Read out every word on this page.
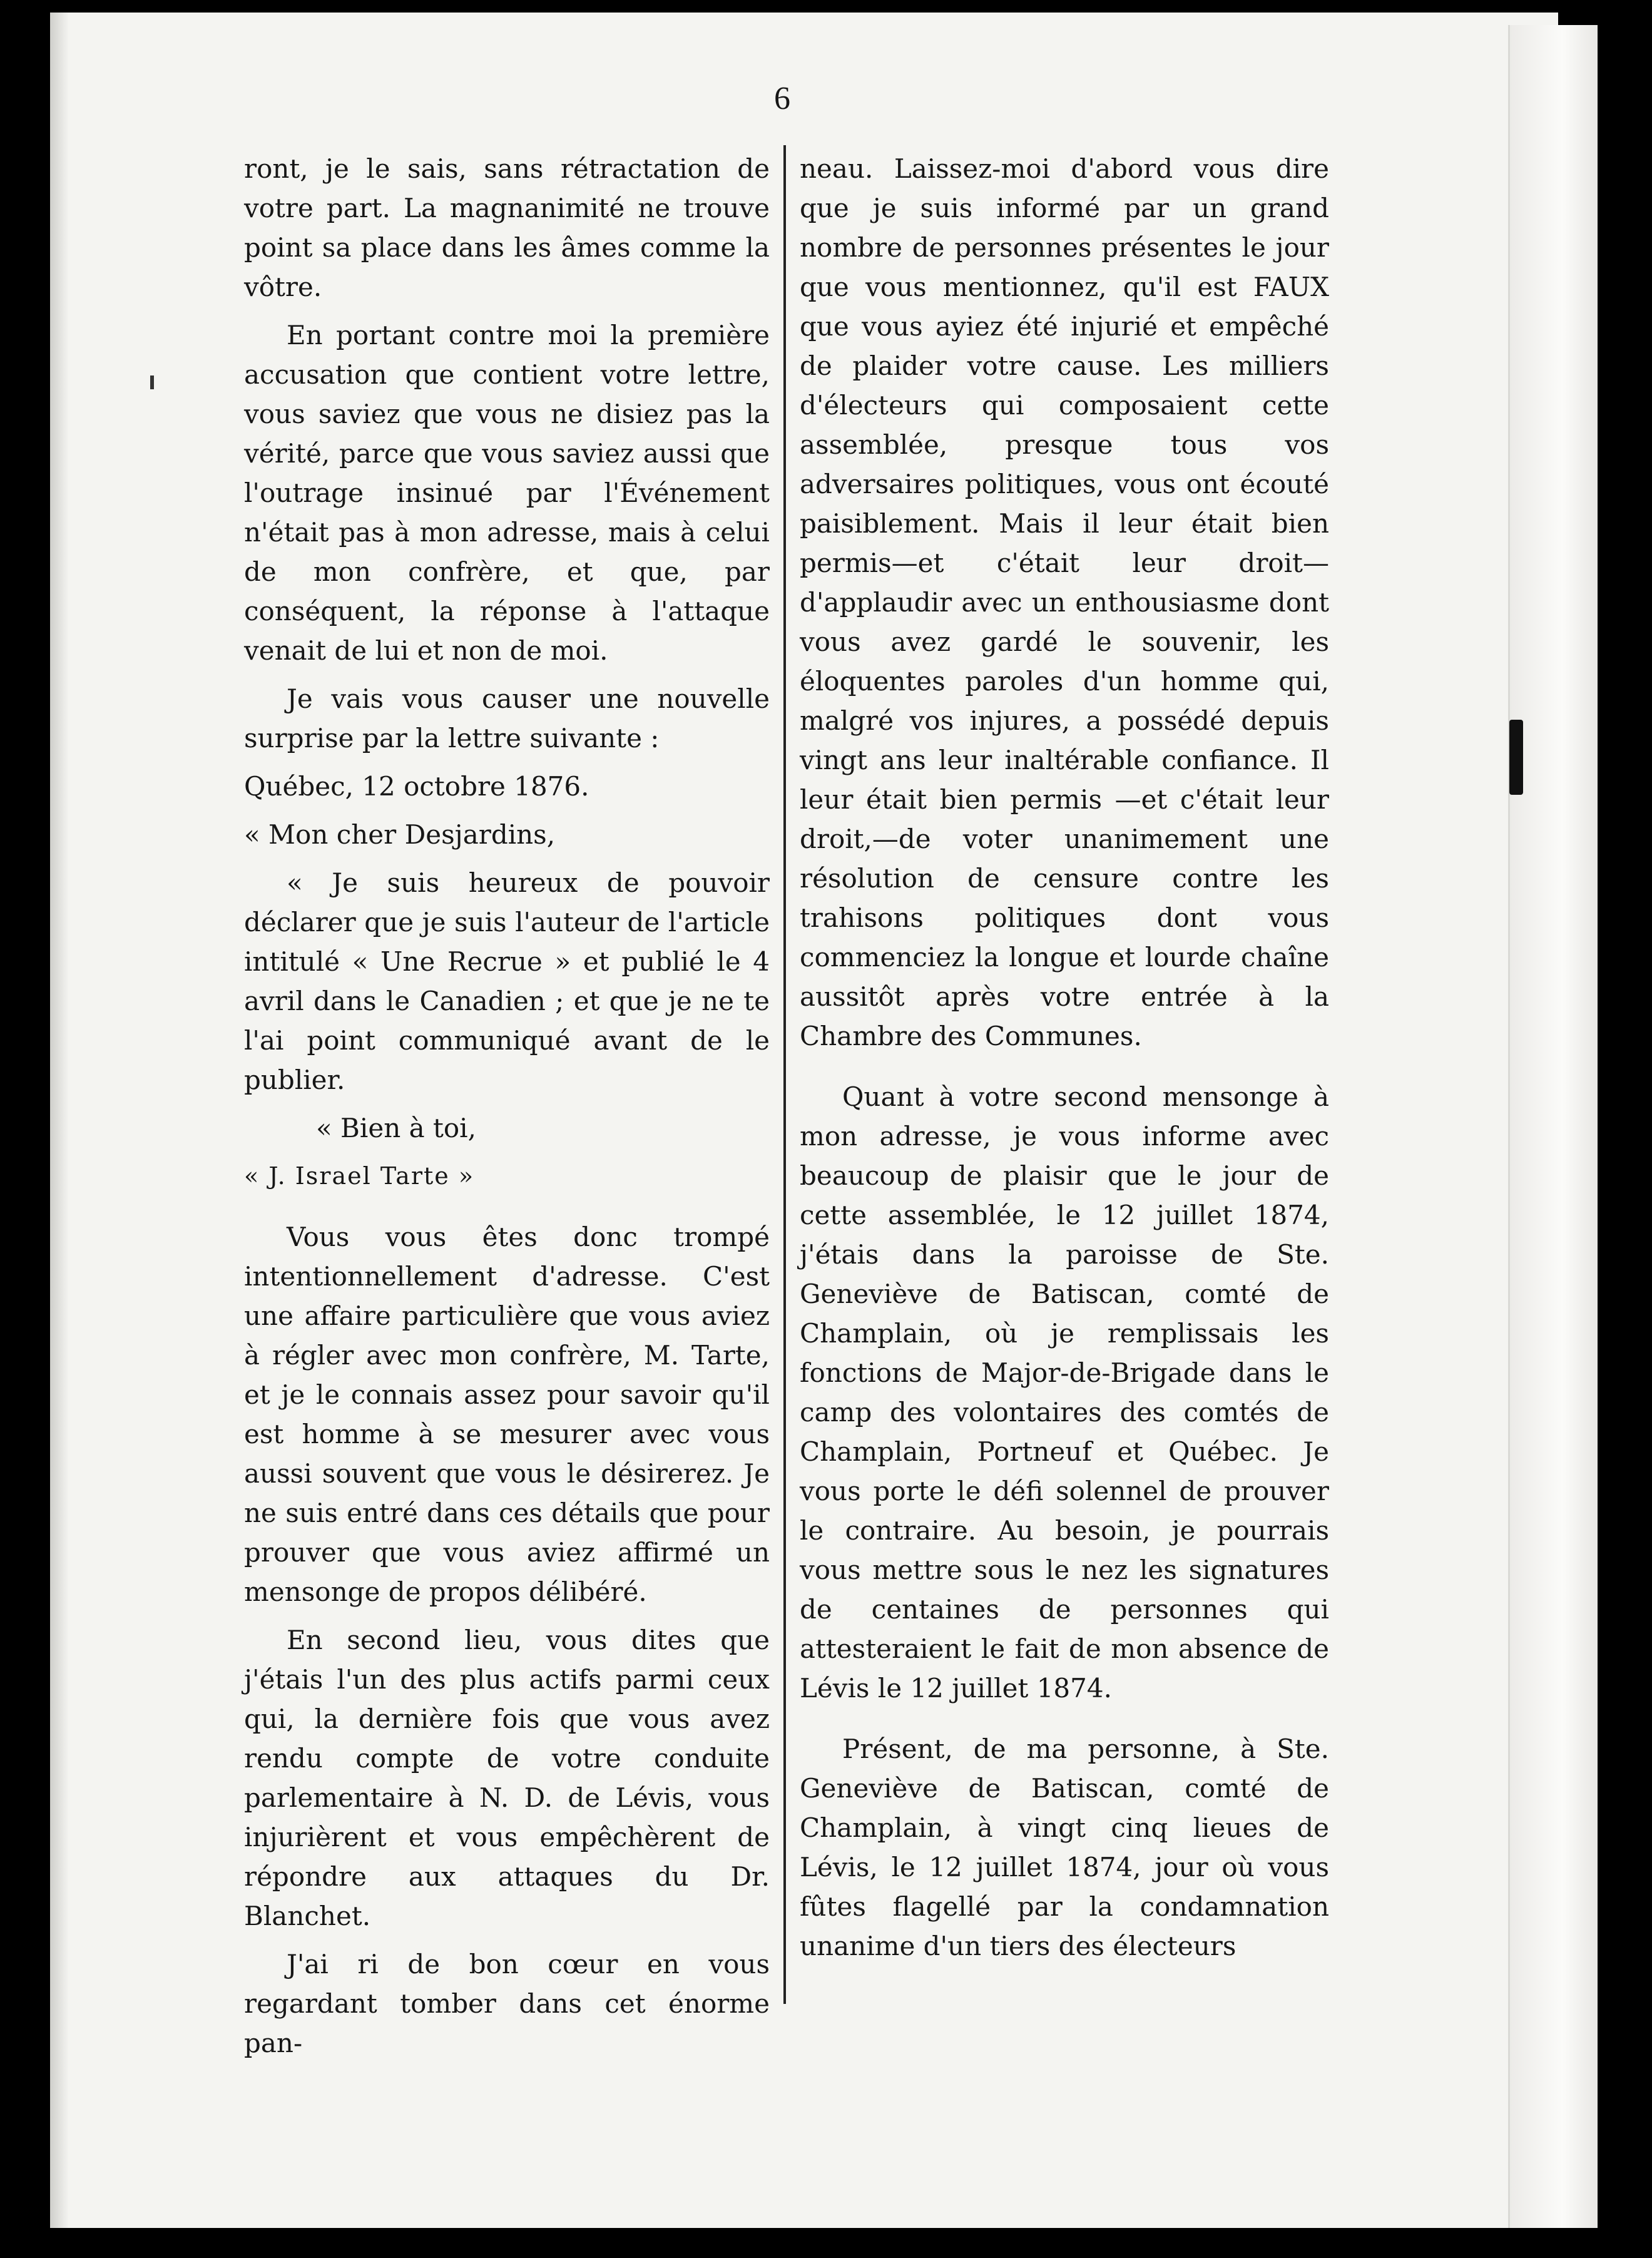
6

ront, je le sais, sans rétractation de votre part. La magnanimité ne trouve point sa place dans les âmes comme la vôtre.

En portant contre moi la première accusation que contient votre lettre, vous saviez que vous ne disiez pas la vérité, parce que vous saviez aussi que l'outrage insinué par l'Événement n'était pas à mon adresse, mais à celui de mon confrère, et que, par conséquent, la réponse à l'attaque venait de lui et non de moi.

Je vais vous causer une nouvelle surprise par la lettre suivante :

Québec, 12 octobre 1876.

« Mon cher Desjardins,

« Je suis heureux de pouvoir déclarer que je suis l'auteur de l'article intitulé « Une Recrue » et publié le 4 avril dans le Canadien ; et que je ne te l'ai point communiqué avant de le publier.

« Bien à toi,

« J. Israel Tarte »

Vous vous êtes donc trompé intentionnellement d'adresse. C'est une affaire particulière que vous aviez à régler avec mon confrère, M. Tarte, et je le connais assez pour savoir qu'il est homme à se mesurer avec vous aussi souvent que vous le désirerez. Je ne suis entré dans ces détails que pour prouver que vous aviez affirmé un mensonge de propos délibéré.

En second lieu, vous dites que j'étais l'un des plus actifs parmi ceux qui, la dernière fois que vous avez rendu compte de votre conduite parlementaire à N. D. de Lévis, vous injurièrent et vous empêchèrent de répondre aux attaques du Dr. Blanchet.

J'ai ri de bon cœur en vous regardant tomber dans cet énorme pan-

neau. Laissez-moi d'abord vous dire que je suis informé par un grand nombre de personnes présentes le jour que vous mentionnez, qu'il est FAUX que vous ayiez été injurié et empêché de plaider votre cause. Les milliers d'électeurs qui composaient cette assemblée, presque tous vos adversaires politiques, vous ont écouté paisiblement. Mais il leur était bien permis—et c'était leur droit—d'applaudir avec un enthousiasme dont vous avez gardé le souvenir, les éloquentes paroles d'un homme qui, malgré vos injures, a possédé depuis vingt ans leur inaltérable confiance. Il leur était bien permis —et c'était leur droit,—de voter unanimement une résolution de censure contre les trahisons politiques dont vous commenciez la longue et lourde chaîne aussitôt après votre entrée à la Chambre des Communes.

Quant à votre second mensonge à mon adresse, je vous informe avec beaucoup de plaisir que le jour de cette assemblée, le 12 juillet 1874, j'étais dans la paroisse de Ste. Geneviève de Batiscan, comté de Champlain, où je remplissais les fonctions de Major-de-Brigade dans le camp des volontaires des comtés de Champlain, Portneuf et Québec. Je vous porte le défi solennel de prouver le contraire. Au besoin, je pourrais vous mettre sous le nez les signatures de centaines de personnes qui attesteraient le fait de mon absence de Lévis le 12 juillet 1874.

Présent, de ma personne, à Ste. Geneviève de Batiscan, comté de Champlain, à vingt cinq lieues de Lévis, le 12 juillet 1874, jour où vous fûtes flagellé par la condamnation unanime d'un tiers des électeurs
